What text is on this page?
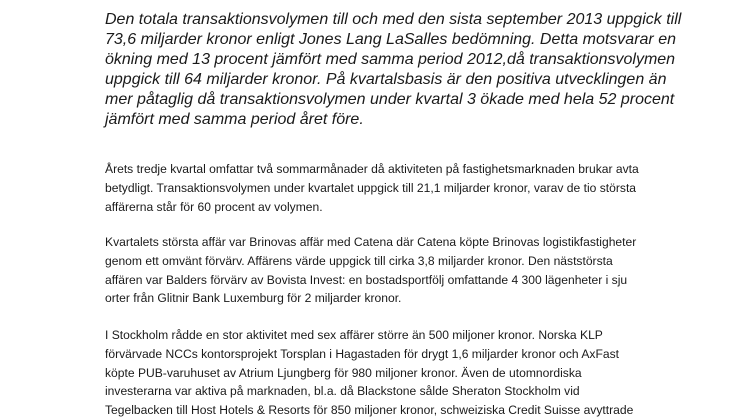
Den totala transaktionsvolymen till och med den sista september 2013 uppgick till
73,6 miljarder kronor enligt Jones Lang LaSalles bedömning. Detta motsvarar en
ökning med 13 procent jämfört med samma period 2012,då transaktionsvolymen
uppgick till 64 miljarder kronor. På kvartalsbasis är den positiva utvecklingen än
mer påtaglig då transaktionsvolymen under kvartal 3 ökade med hela 52 procent
jämfört med samma period året före.

Årets tredje kvartal omfattar två sommarmånader då aktiviteten på fastighetsmarknaden brukar avta
betydligt. Transaktionsvolymen under kvartalet uppgick till 21,1 miljarder kronor, varav de tio största
affärerna står för 60 procent av volymen.

Kvartalets största affär var Brinovas affär med Catena där Catena köpte Brinovas logistikfastigheter
genom ett omvänt förvärv. Affärens värde uppgick till cirka 3,8 miljarder kronor. Den näststörsta
affären var Balders förvärv av Bovista Invest: en bostadsportfölj omfattande 4 300 lägenheter i sju
orter från Glitnir Bank Luxemburg för 2 miljarder kronor.

I Stockholm rådde en stor aktivitet med sex affärer större än 500 miljoner kronor. Norska KLP
förvärvade NCCs kontorsprojekt Torsplan i Hagastaden för drygt 1,6 miljarder kronor och AxFast
köpte PUB-varuhuset av Atrium Ljungberg för 980 miljoner kronor. Även de utomnordiska
investerarna var aktiva på marknaden, bl.a. då Blackstone sålde Sheraton Stockholm vid
Tegelbacken till Host Hotels & Resorts för 850 miljoner kronor, schweiziska Credit Suisse avyttrade
